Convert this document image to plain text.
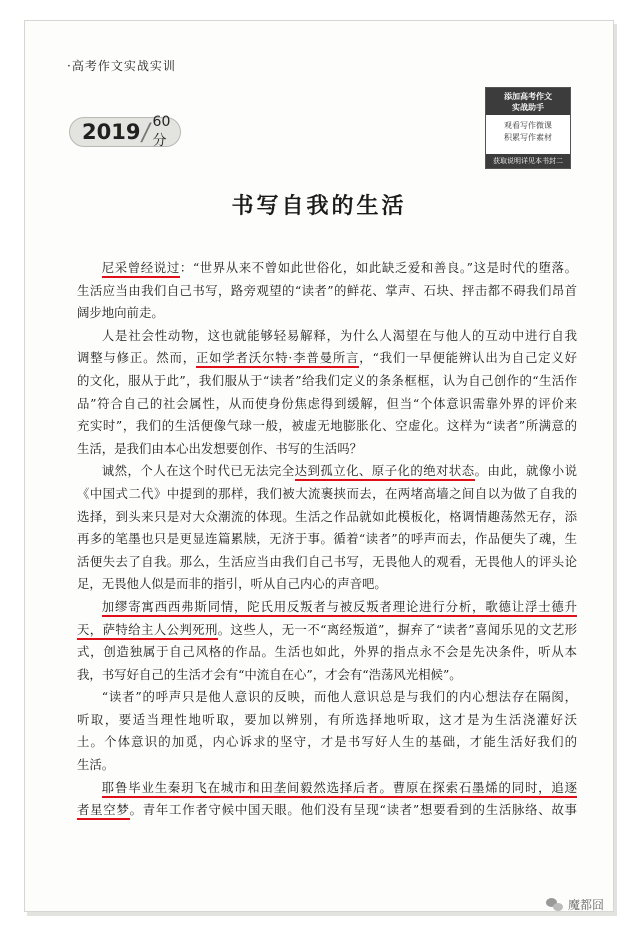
·高考作文实战实训
2019 / 60分
添加高考作文
实战助手
观看写作微课
积累写作素材
获取说明详见本书封二
书写自我的生活
尼采曾经说过：“世界从来不曾如此世俗化，如此缺乏爱和善良。”这是时代的堕落。
生活应当由我们自己书写，路旁观望的“读者”的鲜花、掌声、石块、抨击都不碍我们昂首
阔步地向前走。
人是社会性动物，这也就能够轻易解释，为什么人渴望在与他人的互动中进行自我
调整与修正。然而，正如学者沃尔特·李普曼所言，“我们一早便能辨认出为自己定义好
的文化，服从于此”，我们服从于“读者”给我们定义的条条框框，认为自己创作的“生活作
品”符合自己的社会属性，从而使身份焦虑得到缓解，但当“个体意识需靠外界的评价来
充实时”，我们的生活便像气球一般，被虚无地膨胀化、空虚化。这样为“读者”所满意的
生活，是我们由本心出发想要创作、书写的生活吗？
诚然，个人在这个时代已无法完全达到孤立化、原子化的绝对状态。由此，就像小说
《中国式二代》中提到的那样，我们被大流裹挟而去，在两堵高墙之间自以为做了自我的
选择，到头来只是对大众潮流的体现。生活之作品就如此模板化，格调情趣荡然无存，添
再多的笔墨也只是更显连篇累牍，无济于事。循着“读者”的呼声而去，作品便失了魂，生
活便失去了自我。那么，生活应当由我们自己书写，无畏他人的观看，无畏他人的评头论
足，无畏他人似是而非的指引，听从自己内心的声音吧。
加缪寄寓西西弗斯同情，陀氏用反叛者与被反叛者理论进行分析，歌德让浮士德升
天，萨特给主人公判死刑。这些人，无一不“离经叛道”，摒弃了“读者”喜闻乐见的文艺形
式，创造独属于自己风格的作品。生活也如此，外界的指点永不会是先决条件，听从本
我，书写好自己的生活才会有“中流自在心”，才会有“浩荡风光相候”。
“读者”的呼声只是他人意识的反映，而他人意识总是与我们的内心想法存在隔阂，
听取，要适当理性地听取，要加以辨别，有所选择地听取，这才是为生活浇灌好沃
土。个体意识的加觅，内心诉求的坚守，才是书写好人生的基础，才能生活好我们的
生活。
耶鲁毕业生秦玥飞在城市和田垄间毅然选择后者。曹原在探索石墨烯的同时，追逐
者星空梦。青年工作者守候中国天眼。他们没有呈现“读者”想要看到的生活脉络、故事
魔都囧
